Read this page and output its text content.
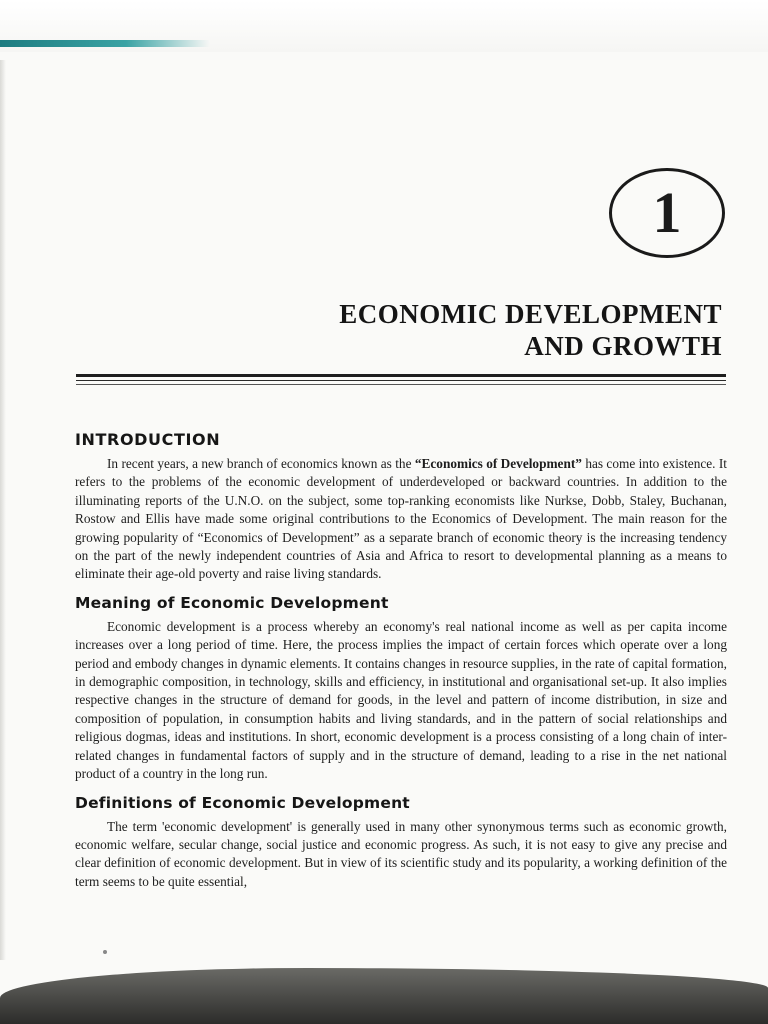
1
ECONOMIC DEVELOPMENT
AND GROWTH
INTRODUCTION

In recent years, a new branch of economics known as the “Economics of Development” has come into existence. It refers to the problems of the economic development of underdeveloped or backward countries. In addition to the illuminating reports of the U.N.O. on the subject, some top-ranking economists like Nurkse, Dobb, Staley, Buchanan, Rostow and Ellis have made some original contributions to the Economics of Development. The main reason for the growing popularity of “Economics of Development” as a separate branch of economic theory is the increasing tendency on the part of the newly independent countries of Asia and Africa to resort to developmental planning as a means to eliminate their age-old poverty and raise living standards.

Meaning of Economic Development

Economic development is a process whereby an economy's real national income as well as per capita income increases over a long period of time. Here, the process implies the impact of certain forces which operate over a long period and embody changes in dynamic elements. It contains changes in resource supplies, in the rate of capital formation, in demographic composition, in technology, skills and efficiency, in institutional and organisational set-up. It also implies respective changes in the structure of demand for goods, in the level and pattern of income distribution, in size and composition of population, in consumption habits and living standards, and in the pattern of social relationships and religious dogmas, ideas and institutions. In short, economic development is a process consisting of a long chain of inter-related changes in fundamental factors of supply and in the structure of demand, leading to a rise in the net national product of a country in the long run.

Definitions of Economic Development

The term 'economic development' is generally used in many other synonymous terms such as economic growth, economic welfare, secular change, social justice and economic progress. As such, it is not easy to give any precise and clear definition of economic development. But in view of its scientific study and its popularity, a working definition of the term seems to be quite essential,
